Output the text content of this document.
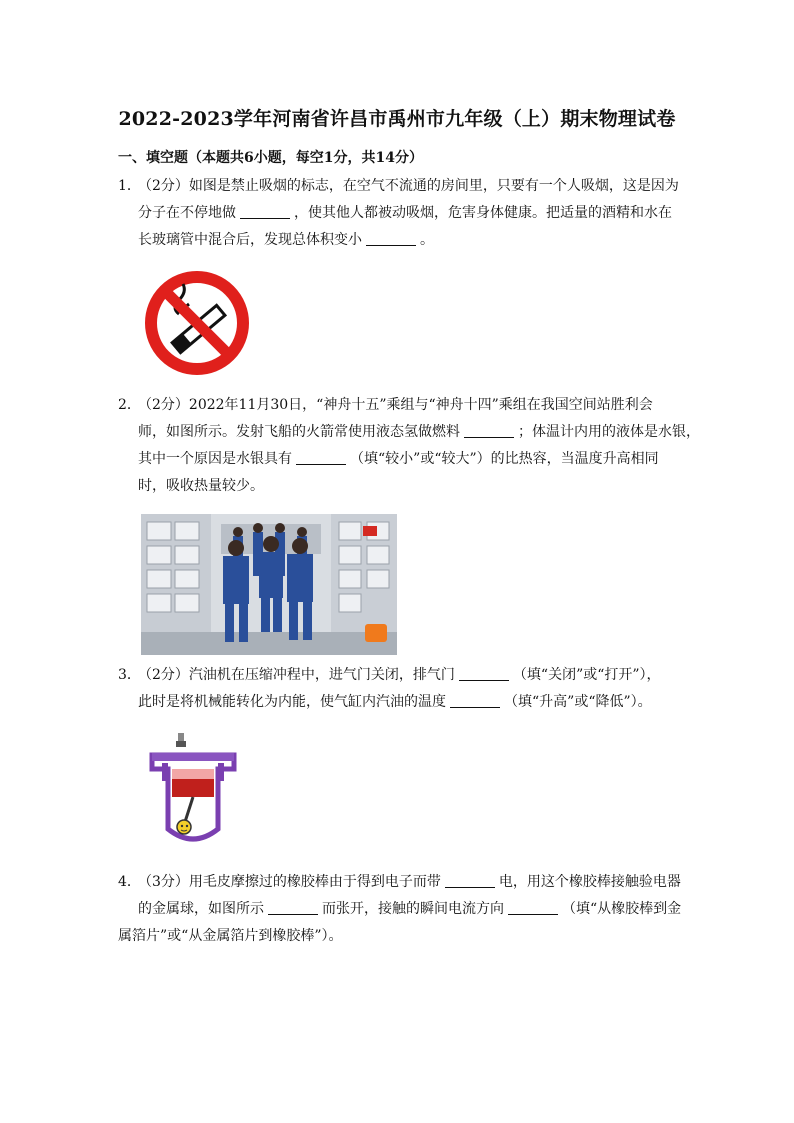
2022-2023学年河南省许昌市禹州市九年级（上）期末物理试卷
一、填空题（本题共6小题，每空1分，共14分）
1．（2分）如图是禁止吸烟的标志，在空气不流通的房间里，只要有一个人吸烟，这是因为
分子在不停地做	，使其他人都被动吸烟，危害身体健康。把适量的酒精和水在
长玻璃管中混合后，发现总体积变小	。
2．（2分）2022年11月30日，“神舟十五”乘组与“神舟十四”乘组在我国空间站胜利会
师，如图所示。发射飞船的火箭常使用液态氢做燃料	；体温计内用的液体是水银，
其中一个原因是水银具有	（填“较小”或“较大”）的比热容，当温度升高相同
时，吸收热量较少。
3．（2分）汽油机在压缩冲程中，进气门关闭，排气门	（填“关闭”或“打开”），
此时是将机械能转化为内能，使气缸内汽油的温度	（填“升高”或“降低”）。
4．（3分）用毛皮摩擦过的橡胶棒由于得到电子而带	电，用这个橡胶棒接触验电器
的金属球，如图所示	而张开，接触的瞬间电流方向	（填“从橡胶棒到金
属箔片”或“从金属箔片到橡胶棒”）。
